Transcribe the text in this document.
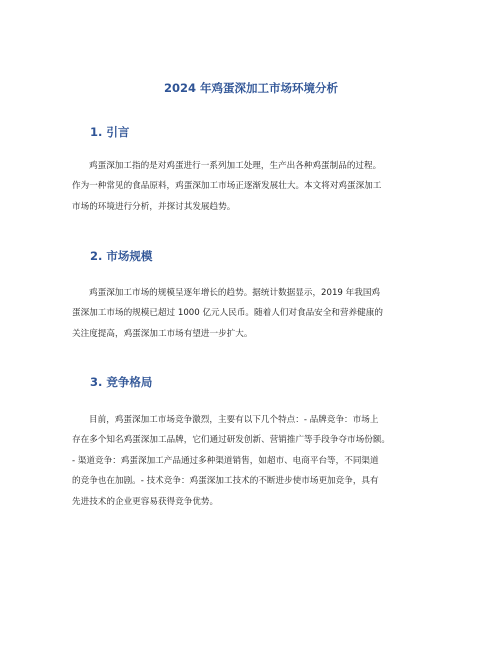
2024 年鸡蛋深加工市场环境分析
1. 引言
鸡蛋深加工指的是对鸡蛋进行一系列加工处理，生产出各种鸡蛋制品的过程。
作为一种常见的食品原料，鸡蛋深加工市场正逐渐发展壮大。本文将对鸡蛋深加工
市场的环境进行分析，并探讨其发展趋势。
2. 市场规模
鸡蛋深加工市场的规模呈逐年增长的趋势。据统计数据显示，2019 年我国鸡
蛋深加工市场的规模已超过 1000 亿元人民币。随着人们对食品安全和营养健康的
关注度提高，鸡蛋深加工市场有望进一步扩大。
3. 竞争格局
目前，鸡蛋深加工市场竞争激烈，主要有以下几个特点：- 品牌竞争：市场上
存在多个知名鸡蛋深加工品牌，它们通过研发创新、营销推广等手段争夺市场份额。
- 渠道竞争：鸡蛋深加工产品通过多种渠道销售，如超市、电商平台等，不同渠道
的竞争也在加剧。- 技术竞争：鸡蛋深加工技术的不断进步使市场更加竞争，具有
先进技术的企业更容易获得竞争优势。
